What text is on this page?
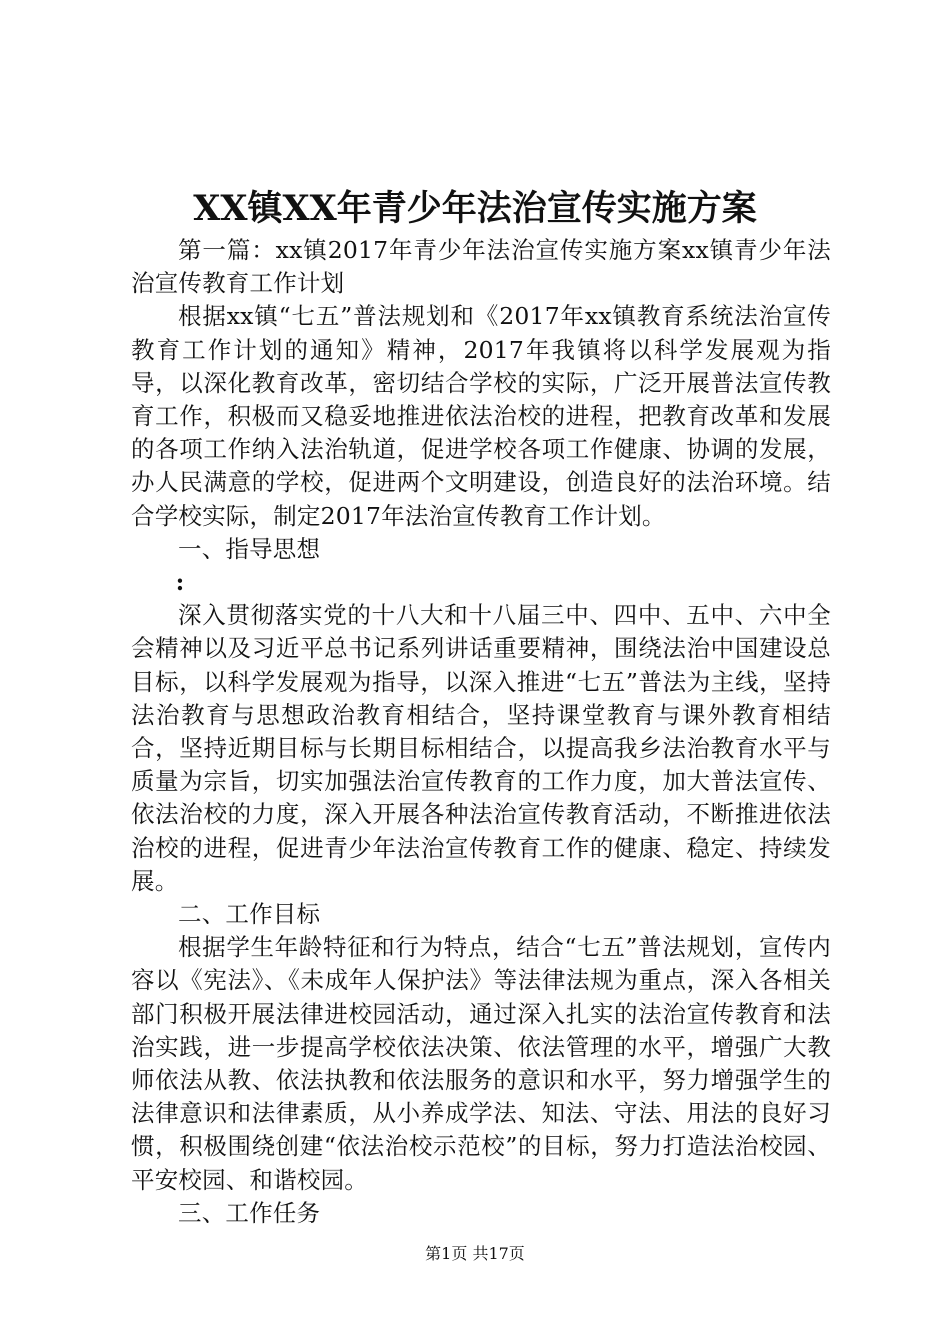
XX镇XX年青少年法治宣传实施方案

第一篇：xx镇2017年青少年法治宣传实施方案xx镇青少年法治宣传教育工作计划

根据xx镇“七五”普法规划和《2017年xx镇教育系统法治宣传教育工作计划的通知》精神，2017年我镇将以科学发展观为指导，以深化教育改革，密切结合学校的实际，广泛开展普法宣传教育工作，积极而又稳妥地推进依法治校的进程，把教育改革和发展的各项工作纳入法治轨道，促进学校各项工作健康、协调的发展，办人民满意的学校，促进两个文明建设，创造良好的法治环境。结合学校实际，制定2017年法治宣传教育工作计划。

一、指导思想

:

深入贯彻落实党的十八大和十八届三中、四中、五中、六中全会精神以及习近平总书记系列讲话重要精神，围绕法治中国建设总目标，以科学发展观为指导，以深入推进“七五”普法为主线，坚持法治教育与思想政治教育相结合，坚持课堂教育与课外教育相结合，坚持近期目标与长期目标相结合，以提高我乡法治教育水平与质量为宗旨，切实加强法治宣传教育的工作力度，加大普法宣传、依法治校的力度，深入开展各种法治宣传教育活动，不断推进依法治校的进程，促进青少年法治宣传教育工作的健康、稳定、持续发展。

二、工作目标

根据学生年龄特征和行为特点，结合“七五”普法规划，宣传内容以《宪法》、《未成年人保护法》等法律法规为重点，深入各相关部门积极开展法律进校园活动，通过深入扎实的法治宣传教育和法治实践，进一步提高学校依法决策、依法管理的水平，增强广大教师依法从教、依法执教和依法服务的意识和水平，努力增强学生的法律意识和法律素质，从小养成学法、知法、守法、用法的良好习惯，积极围绕创建“依法治校示范校”的目标，努力打造法治校园、平安校园、和谐校园。

三、工作任务

第1页 共17页
